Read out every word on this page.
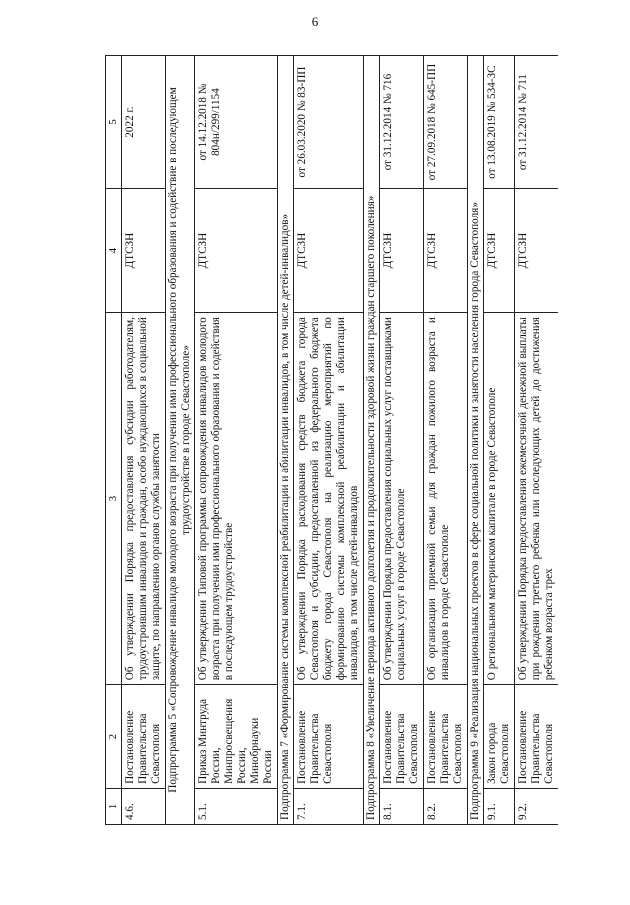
6
1	2	3	4	5
4.6.	Постановление Правительства Севастополя	Об утверждении Порядка предоставления субсидии работодателям, трудоустроившим инвалидов и граждан, особо нуждающихся в социальной защите, по направлению органов службы занятости	ДТСЗН	2022 г.
Подпрограмма 5 «Сопровождение инвалидов молодого возраста при получении ими профессионального образования и содействие в последующем трудоустройстве в городе Севастополе»				
5.1.	Приказ Минтруда России, Минпросвещения России, Минобрнауки России	Об утверждении Типовой программы сопровождения инвалидов молодого возраста при получении ими профессионального образования и содействия в последующем трудоустройстве	ДТСЗН	от 14.12.2018 № 804н/299/1154
Подпрограмма 7 «Формирование системы комплексной реабилитации и абилитации инвалидов, в том числе детей-инвалидов»				
7.1.	Постановление Правительства Севастополя	Об утверждении Порядка расходования средств бюджета города Севастополя и субсидии, предоставленной из федерального бюджета бюджету города Севастополя на реализацию мероприятий по формированию системы комплексной реабилитации и абилитации инвалидов, в том числе детей-инвалидов	ДТСЗН	от 26.03.2020 № 83-ПП
Подпрограмма 8 «Увеличение периода активного долголетия и продолжительности здоровой жизни граждан старшего поколения»				
8.1.	Постановление Правительства Севастополя	Об утверждении Порядка предоставления социальных услуг поставщиками социальных услуг в городе Севастополе	ДТСЗН	от 31.12.2014 № 716
8.2.	Постановление Правительства Севастополя	Об организации приемной семьи для граждан пожилого возраста и инвалидов в городе Севастополе	ДТСЗН	от 27.09.2018 № 645-ПП
Подпрограмма 9 «Реализация национальных проектов в сфере социальной политики и занятости населения города Севастополя»				
9.1.	Закон города Севастополя	О региональном материнском капитале в городе Севастополе	ДТСЗН	от 13.08.2019 № 534-ЗС
9.2.	Постановление Правительства Севастополя	Об утверждении Порядка предоставления ежемесячной денежной выплаты при рождении третьего ребенка или последующих детей до достижения ребенком возраста трех	ДТСЗН	от 31.12.2014 № 711
